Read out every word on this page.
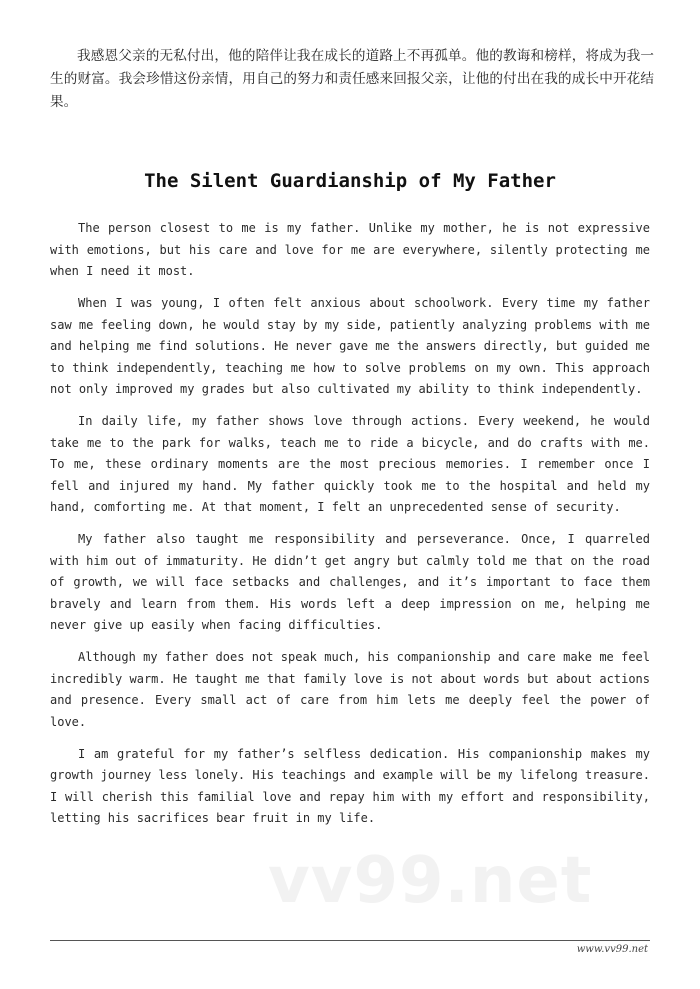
我感恩父亲的无私付出，他的陪伴让我在成长的道路上不再孤单。他的教诲和榜样，将成为我一生的财富。我会珍惜这份亲情，用自己的努力和责任感来回报父亲，让他的付出在我的成长中开花结果。

The Silent Guardianship of My Father

The person closest to me is my father. Unlike my mother, he is not expressive with emotions, but his care and love for me are everywhere, silently protecting me when I need it most.

When I was young, I often felt anxious about schoolwork. Every time my father saw me feeling down, he would stay by my side, patiently analyzing problems with me and helping me find solutions. He never gave me the answers directly, but guided me to think independently, teaching me how to solve problems on my own. This approach not only improved my grades but also cultivated my ability to think independently.

In daily life, my father shows love through actions. Every weekend, he would take me to the park for walks, teach me to ride a bicycle, and do crafts with me. To me, these ordinary moments are the most precious memories. I remember once I fell and injured my hand. My father quickly took me to the hospital and held my hand, comforting me. At that moment, I felt an unprecedented sense of security.

My father also taught me responsibility and perseverance. Once, I quarreled with him out of immaturity. He didn’t get angry but calmly told me that on the road of growth, we will face setbacks and challenges, and it’s important to face them bravely and learn from them. His words left a deep impression on me, helping me never give up easily when facing difficulties.

Although my father does not speak much, his companionship and care make me feel incredibly warm. He taught me that family love is not about words but about actions and presence. Every small act of care from him lets me deeply feel the power of love.

I am grateful for my father’s selfless dedication. His companionship makes my growth journey less lonely. His teachings and example will be my lifelong treasure. I will cherish this familial love and repay him with my effort and responsibility, letting his sacrifices bear fruit in my life.

vv99.net
www.vv99.net
